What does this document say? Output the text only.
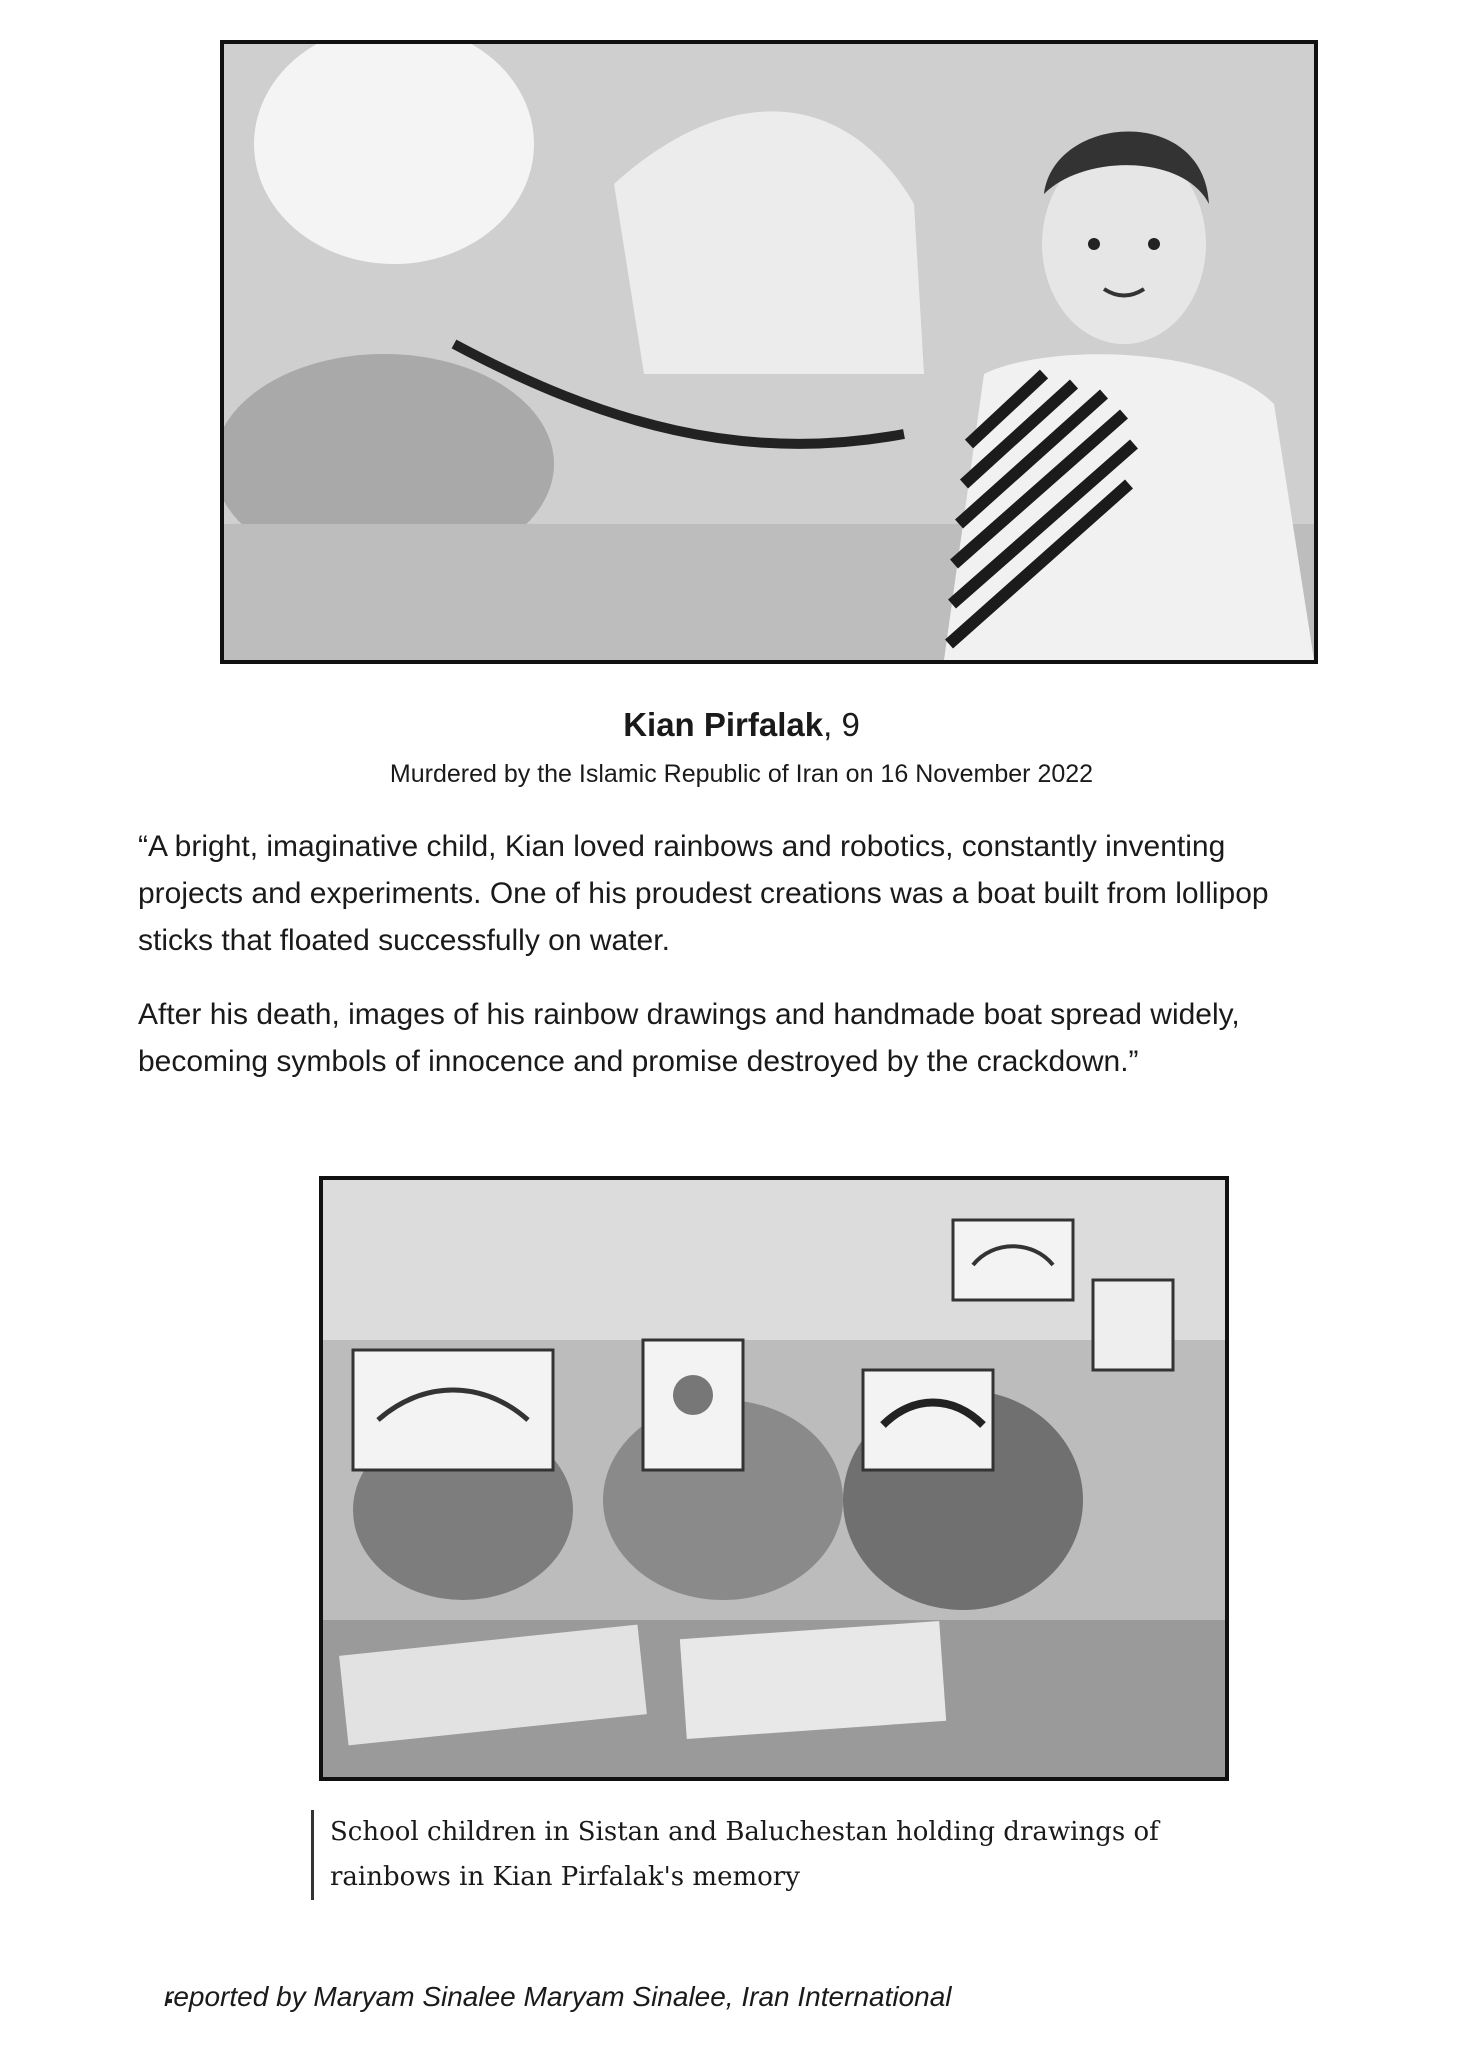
Kian Pirfalak, 9
Murdered by the Islamic Republic of Iran on 16 November 2022

“A bright, imaginative child, Kian loved rainbows and robotics, constantly inventing projects and experiments. One of his proudest creations was a boat built from lollipop sticks that floated successfully on water.

After his death, images of his rainbow drawings and handmade boat spread widely, becoming symbols of innocence and promise destroyed by the crackdown.”

School children in Sistan and Baluchestan holding drawings of rainbows in Kian Pirfalak's memory
reported by Maryam Sinalee Maryam Sinalee, Iran International
